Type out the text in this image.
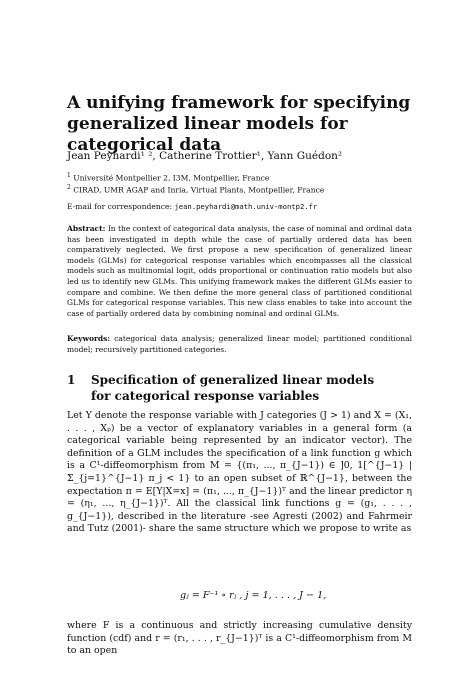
A unifying framework for specifying generalized linear models for categorical data
Jean Peyhardi¹ ², Catherine Trottier¹, Yann Guédon²
$^1$ Université Montpellier 2, I3M, Montpellier, France
$^2$ CIRAD, UMR AGAP and Inria, Virtual Plants, Montpellier, France
E-mail for correspondence: jean.peyhardi@math.univ-montp2.fr
Abstract: In the context of categorical data analysis, the case of nominal and ordinal data has been investigated in depth while the case of partially ordered data has been comparatively neglected. We first propose a new specification of generalized linear models (GLMs) for categorical response variables which encompasses all the classical models such as multinomial logit, odds proportional or continuation ratio models but also led us to identify new GLMs. This unifying framework makes the different GLMs easier to compare and combine. We then define the more general class of partitioned conditional GLMs for categorical response variables. This new class enables to take into account the case of partially ordered data by combining nominal and ordinal GLMs.
Keywords: categorical data analysis; generalized linear model; partitioned conditional model; recursively partitioned categories.
1 Specification of generalized linear models for categorical response variables
Let Y denote the response variable with J categories (J > 1) and X = (X₁, . . . , Xₚ) be a vector of explanatory variables in a general form (a categorical variable being represented by an indicator vector). The definition of a GLM includes the specification of a link function g which is a C¹-diffeomorphism from M = {(π₁, ..., π_{J−1}) ∈ ]0, 1[^{J−1} | Σ_{j=1}^{J−1} π_j < 1} to an open subset of ℝ^{J−1}, between the expectation π = E[Y|X=x] = (π₁, ..., π_{J−1})ᵀ and the linear predictor η = (η₁, ..., η_{J−1})ᵀ. All the classical link functions g = (g₁, . . . , g_{J−1}), described in the literature -see Agresti (2002) and Fahrmeir and Tutz (2001)- share the same structure which we propose to write as
gⱼ = F⁻¹ ∘ rⱼ , j = 1, . . . , J − 1,
where F is a continuous and strictly increasing cumulative density function (cdf) and r = (r₁, . . . , r_{J−1})ᵀ is a C¹-diffeomorphism from M to an open
